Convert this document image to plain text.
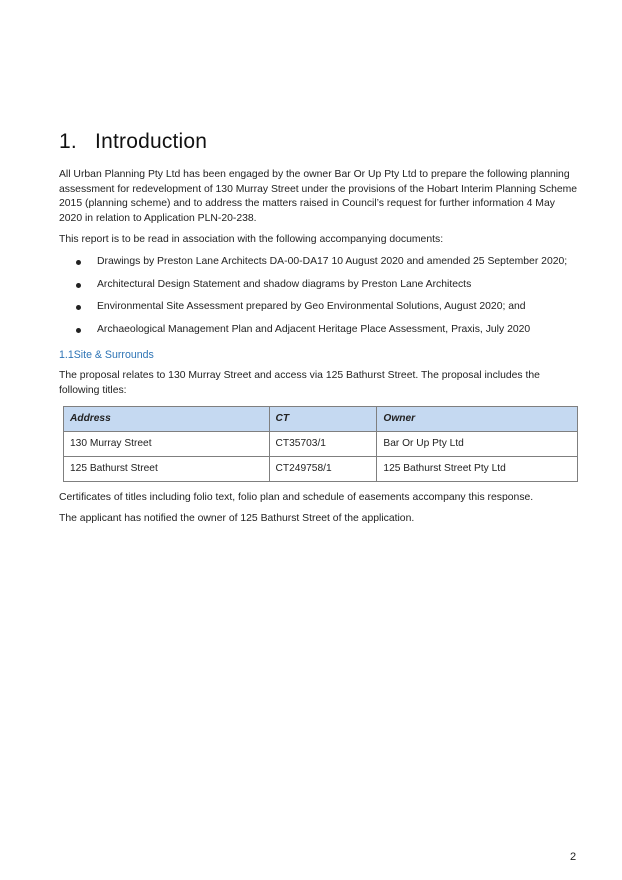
1. Introduction

All Urban Planning Pty Ltd has been engaged by the owner Bar Or Up Pty Ltd to prepare the following planning assessment for redevelopment of 130 Murray Street under the provisions of the Hobart Interim Planning Scheme 2015 (planning scheme) and to address the matters raised in Council’s request for further information 4 May 2020 in relation to Application PLN-20-238.

This report is to be read in association with the following accompanying documents:

Drawings by Preston Lane Architects DA-00-DA17 10 August 2020 and amended 25 September 2020;
Architectural Design Statement and shadow diagrams by Preston Lane Architects
Environmental Site Assessment prepared by Geo Environmental Solutions, August 2020; and
Archaeological Management Plan and Adjacent Heritage Place Assessment, Praxis, July 2020
1.1Site & Surrounds

The proposal relates to 130 Murray Street and access via 125 Bathurst Street. The proposal includes the following titles:

Address	CT	Owner
130 Murray Street	CT35703/1	Bar Or Up Pty Ltd
125 Bathurst Street	CT249758/1	125 Bathurst Street Pty Ltd

Certificates of titles including folio text, folio plan and schedule of easements accompany this response.

The applicant has notified the owner of 125 Bathurst Street of the application.

2
